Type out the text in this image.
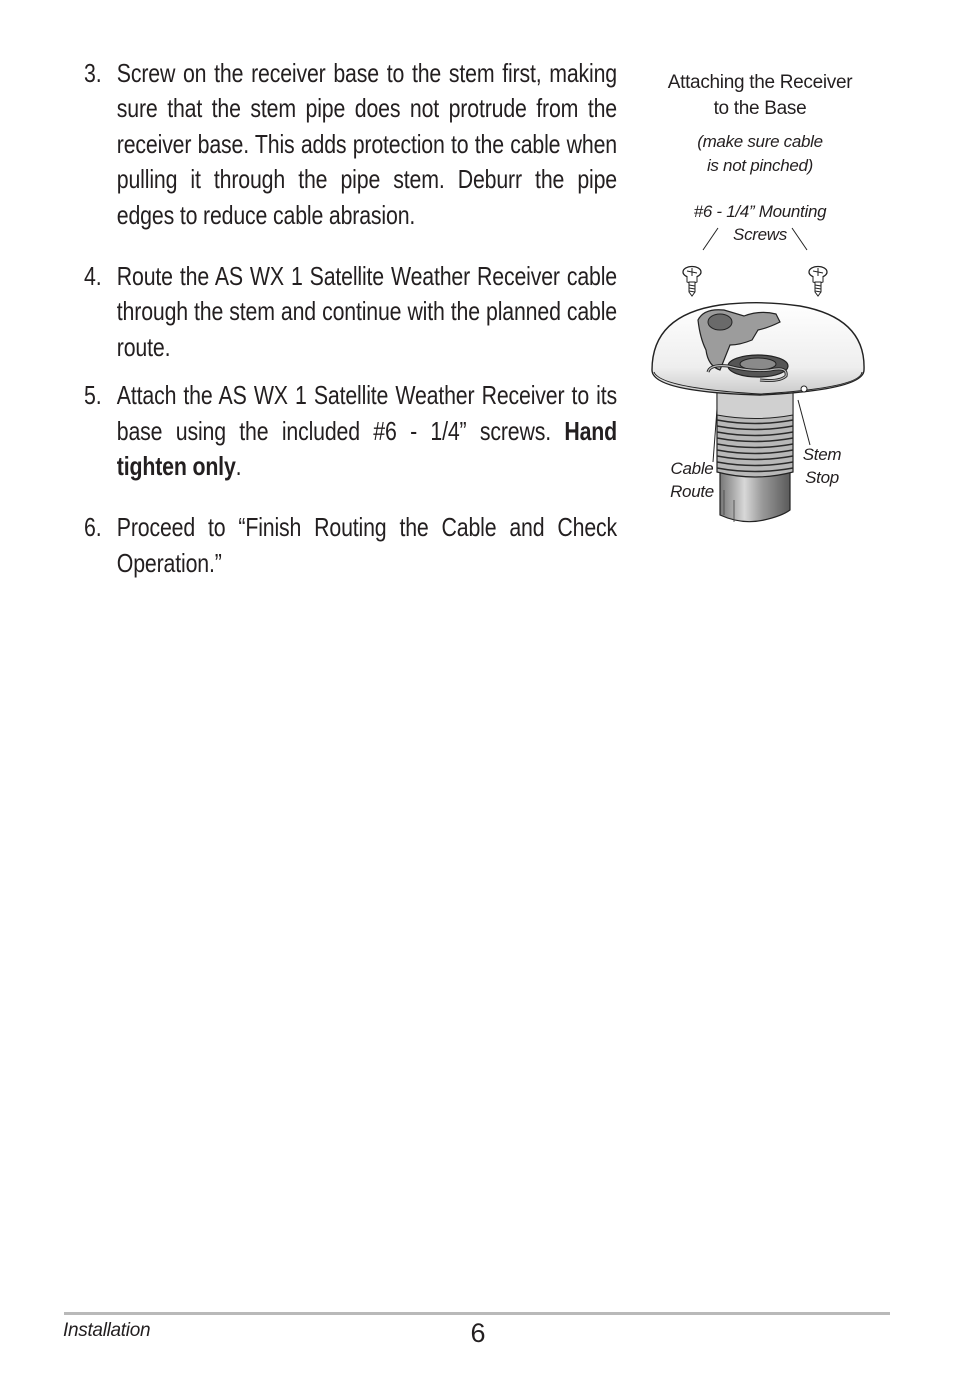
3. Screw on the receiver base to the stem first, making sure that the stem pipe does not protrude from the receiver base. This adds protection to the cable when pulling it through the pipe stem. Deburr the pipe edges to reduce cable abrasion.
4. Route the AS WX 1 Satellite Weather Receiver cable through the stem and continue with the planned cable route.
5. Attach the AS WX 1 Satellite Weather Receiver to its base using the included #6 - 1/4” screws. Hand tighten only.
6. Proceed to “Finish Routing the Cable and Check Operation.”
Attaching the Receiver
to the Base
(make sure cable
is not pinched)
#6 - 1/4” Mounting
Screws
Cable
Route
Stem
Stop
Installation	6
